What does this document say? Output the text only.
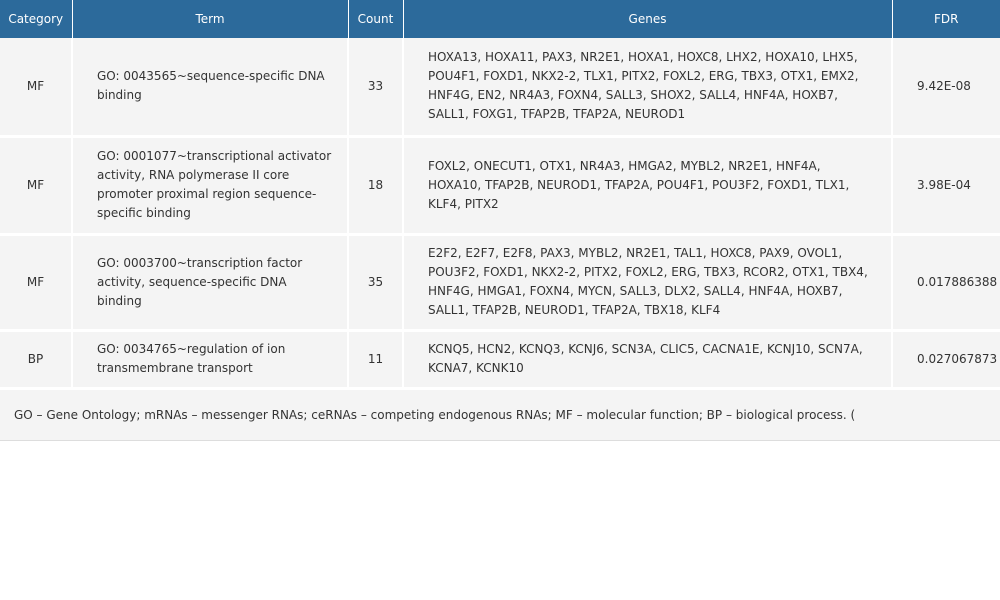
Category	Term	Count	Genes	FDR
MF	GO: 0043565~sequence-specific DNA binding	33	HOXA13, HOXA11, PAX3, NR2E1, HOXA1, HOXC8, LHX2, HOXA10, LHX5, POU4F1, FOXD1, NKX2-2, TLX1, PITX2, FOXL2, ERG, TBX3, OTX1, EMX2, HNF4G, EN2, NR4A3, FOXN4, SALL3, SHOX2, SALL4, HNF4A, HOXB7, SALL1, FOXG1, TFAP2B, TFAP2A, NEUROD1	9.42E-08
MF	GO: 0001077~transcriptional activator activity, RNA polymerase II core promoter proximal region sequence-specific binding	18	FOXL2, ONECUT1, OTX1, NR4A3, HMGA2, MYBL2, NR2E1, HNF4A, HOXA10, TFAP2B, NEUROD1, TFAP2A, POU4F1, POU3F2, FOXD1, TLX1, KLF4, PITX2	3.98E-04
MF	GO: 0003700~transcription factor activity, sequence-specific DNA binding	35	E2F2, E2F7, E2F8, PAX3, MYBL2, NR2E1, TAL1, HOXC8, PAX9, OVOL1, POU3F2, FOXD1, NKX2-2, PITX2, FOXL2, ERG, TBX3, RCOR2, OTX1, TBX4, HNF4G, HMGA1, FOXN4, MYCN, SALL3, DLX2, SALL4, HNF4A, HOXB7, SALL1, TFAP2B, NEUROD1, TFAP2A, TBX18, KLF4	0.017886388
BP	GO: 0034765~regulation of ion transmembrane transport	11	KCNQ5, HCN2, KCNQ3, KCNJ6, SCN3A, CLIC5, CACNA1E, KCNJ10, SCN7A, KCNA7, KCNK10	0.027067873
GO – Gene Ontology; mRNAs – messenger RNAs; ceRNAs – competing endogenous RNAs; MF – molecular function; BP – biological process. (
